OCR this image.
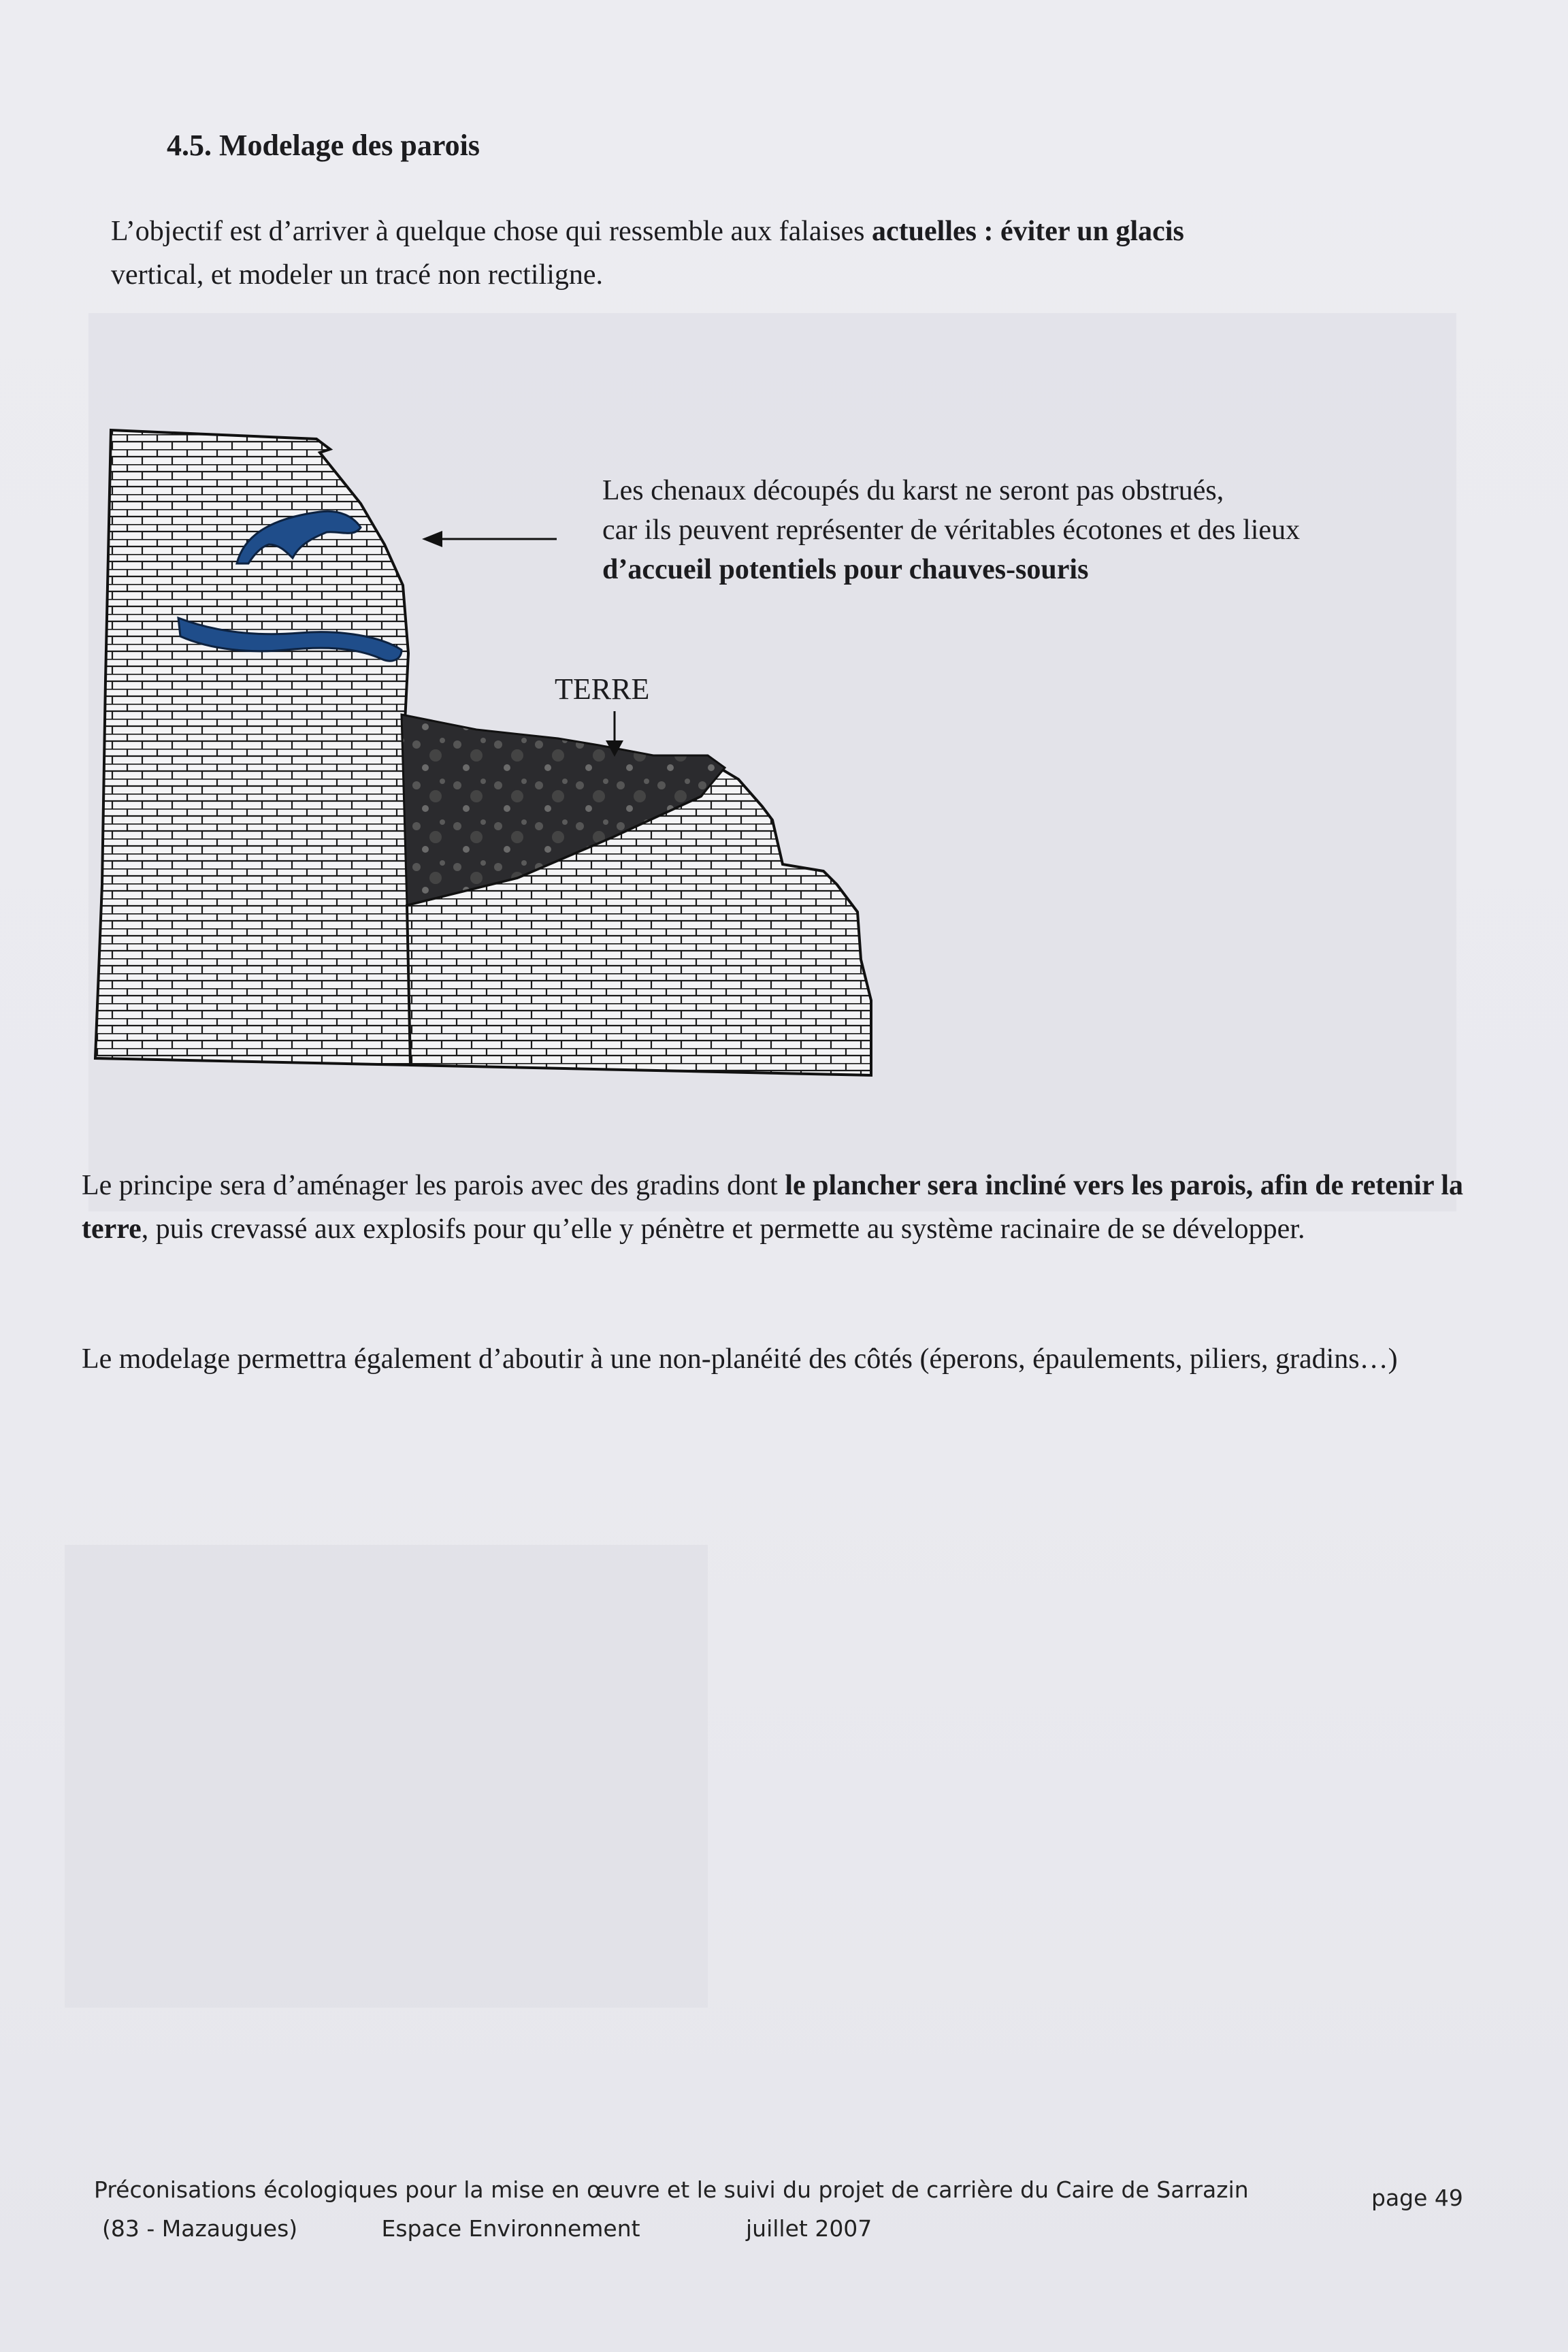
4.5. Modelage des parois
L’objectif est d’arriver à quelque chose qui ressemble aux falaises actuelles : éviter un glacis
vertical, et modeler un tracé non rectiligne.
Les chenaux découpés du karst ne seront pas obstrués,
car ils peuvent représenter de véritables écotones et des lieux
d’accueil potentiels pour chauves-souris
TERRE
Le principe sera d’aménager les parois avec des gradins dont le plancher sera incliné vers les parois, afin de retenir la terre, puis crevassé aux explosifs pour qu’elle y pénètre et permette au système racinaire de se développer.
Le modelage permettra également d’aboutir à une non-planéité des côtés (éperons, épaulements, piliers, gradins…)
Préconisations écologiques pour la mise en œuvre et le suivi du projet de carrière du Caire de Sarrazin
(83 - Mazaugues)	Espace Environnement	juillet 2007
page 49
